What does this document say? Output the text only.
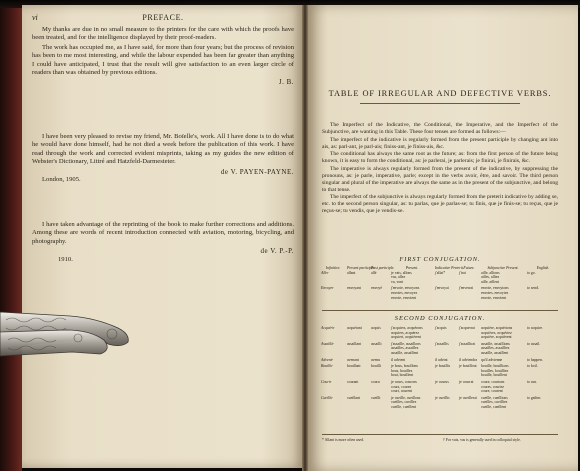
vi	PREFACE.

My thanks are due in no small measure to the printers for the care with which the proofs have been treated, and for the intelligence displayed by their proof-readers.

The work has occupied me, as I have said, for more than four years; but the process of revision has been to me most interesting, and while the labour expended has been far greater than anything I could have anticipated, I trust that the result will give satisfaction to an even larger circle of readers than was obtained by previous editions.

J. B.

I have been very pleased to revise my friend, Mr. Boïelle's, work. All I have done is to do what he would have done himself, had he not died a week before the publication of this work. I have read through the work and corrected evident misprints, taking as my guides the new edition of Webster's Dictionary, Littré and Hatzfeld-Darmesteter.

de V. PAYEN-PAYNE.
London, 1905.

I have taken advantage of the reprinting of the book to make further corrections and additions. Among these are words of recent introduction connected with aviation, motoring, bicycling, and photography.

de V. P.-P.
1910.
TABLE OF IRREGULAR AND DEFECTIVE VERBS.

The Imperfect of the Indicative, the Conditional, the Imperative, and the Imperfect of the Subjunctive, are wanting in this Table. These four tenses are formed as follows:—

The imperfect of the indicative is regularly formed from the present participle by changing ant into ais, as: parl-ant, je parl-ais; finiss-ant, je finiss-ais, &c.

The conditional has always the same root as the future; as: from the first person of the future being known, it is easy to form the conditional, as: je parlerai, je parlerais; je finirai, je finirais, &c.

The imperative is always regularly formed from the present of the indicative, by suppressing the pronouns, as: je parle, imperative, parle; except in the verbs avoir, être, and savoir. The third person singular and plural of the imperative are always the same as in the present of the subjunctive, and belong to that tense.

The imperfect of the subjunctive is always regularly formed from the preterit indicative by adding se, etc. to the second person singular, as: tu parlas, que je parlas-se; tu finis, que je finis-se; tu reçus, que je reçus-se; tu vendis, que je vendis-se.

FIRST CONJUGATION.
Infinitive.	Present participle.	Past participle.	Present.	Indicative Preterit.	Future.	Subjunctive Present.	English.
Aller	allant	allé	je vais, allons
vas, allez
va, vont	j'allai*	j'irai	aille, allions
ailles, alliez
aille, aillent	to go.

Envoyer	envoyant	envoyé	j'envoie, envoyons
envoies, envoyez
envoie, envoient	j'envoyai	j'enverrai	envoie, envoyions
envoies, envoyiez
envoie, envoient	to send.

SECOND CONJUGATION.
Acquérir	acquérant	acquis	j'acquiers, acquérons
acquiers, acquérez
acquiert, acquièrent	j'acquis	j'acquerrai	acquière, acquérions
acquières, acquériez
acquière, acquièrent	to acquire.

Assaillir	assaillant	assailli	j'assaille, assaillons
assailles, assaillez
assaille, assaillent	j'assaillis	j'assaillirai	assaille, assaillions
assailles, assailliez
assaille, assaillent	to assail.

Advenir	avenant	avenu	il advient	il advint	il adviendra	qu'il advienne	to happen.

Bouillir	bouillant	bouilli	je bous, bouillons
bous, bouillez
bout, bouillent	je bouillis	je bouillirai	bouille, bouillions
bouilles, bouilliez
bouille, bouillent	to boil.

Courir	courant	couru	je cours, courons
cours, courez
court, courent	je courus	je courrai	coure, courions
coures, couriez
coure, courent	to run.

Cueillir	cueillant	cueilli	je cueille, cueillons
cueilles, cueillez
cueille, cueillent	je cueillis	je cueillerai	cueille, cueillions
cueilles, cueilliez
cueille, cueillent	to gather.

* Allant is more often used.	† For vais, vas is generally used in colloquial style.
